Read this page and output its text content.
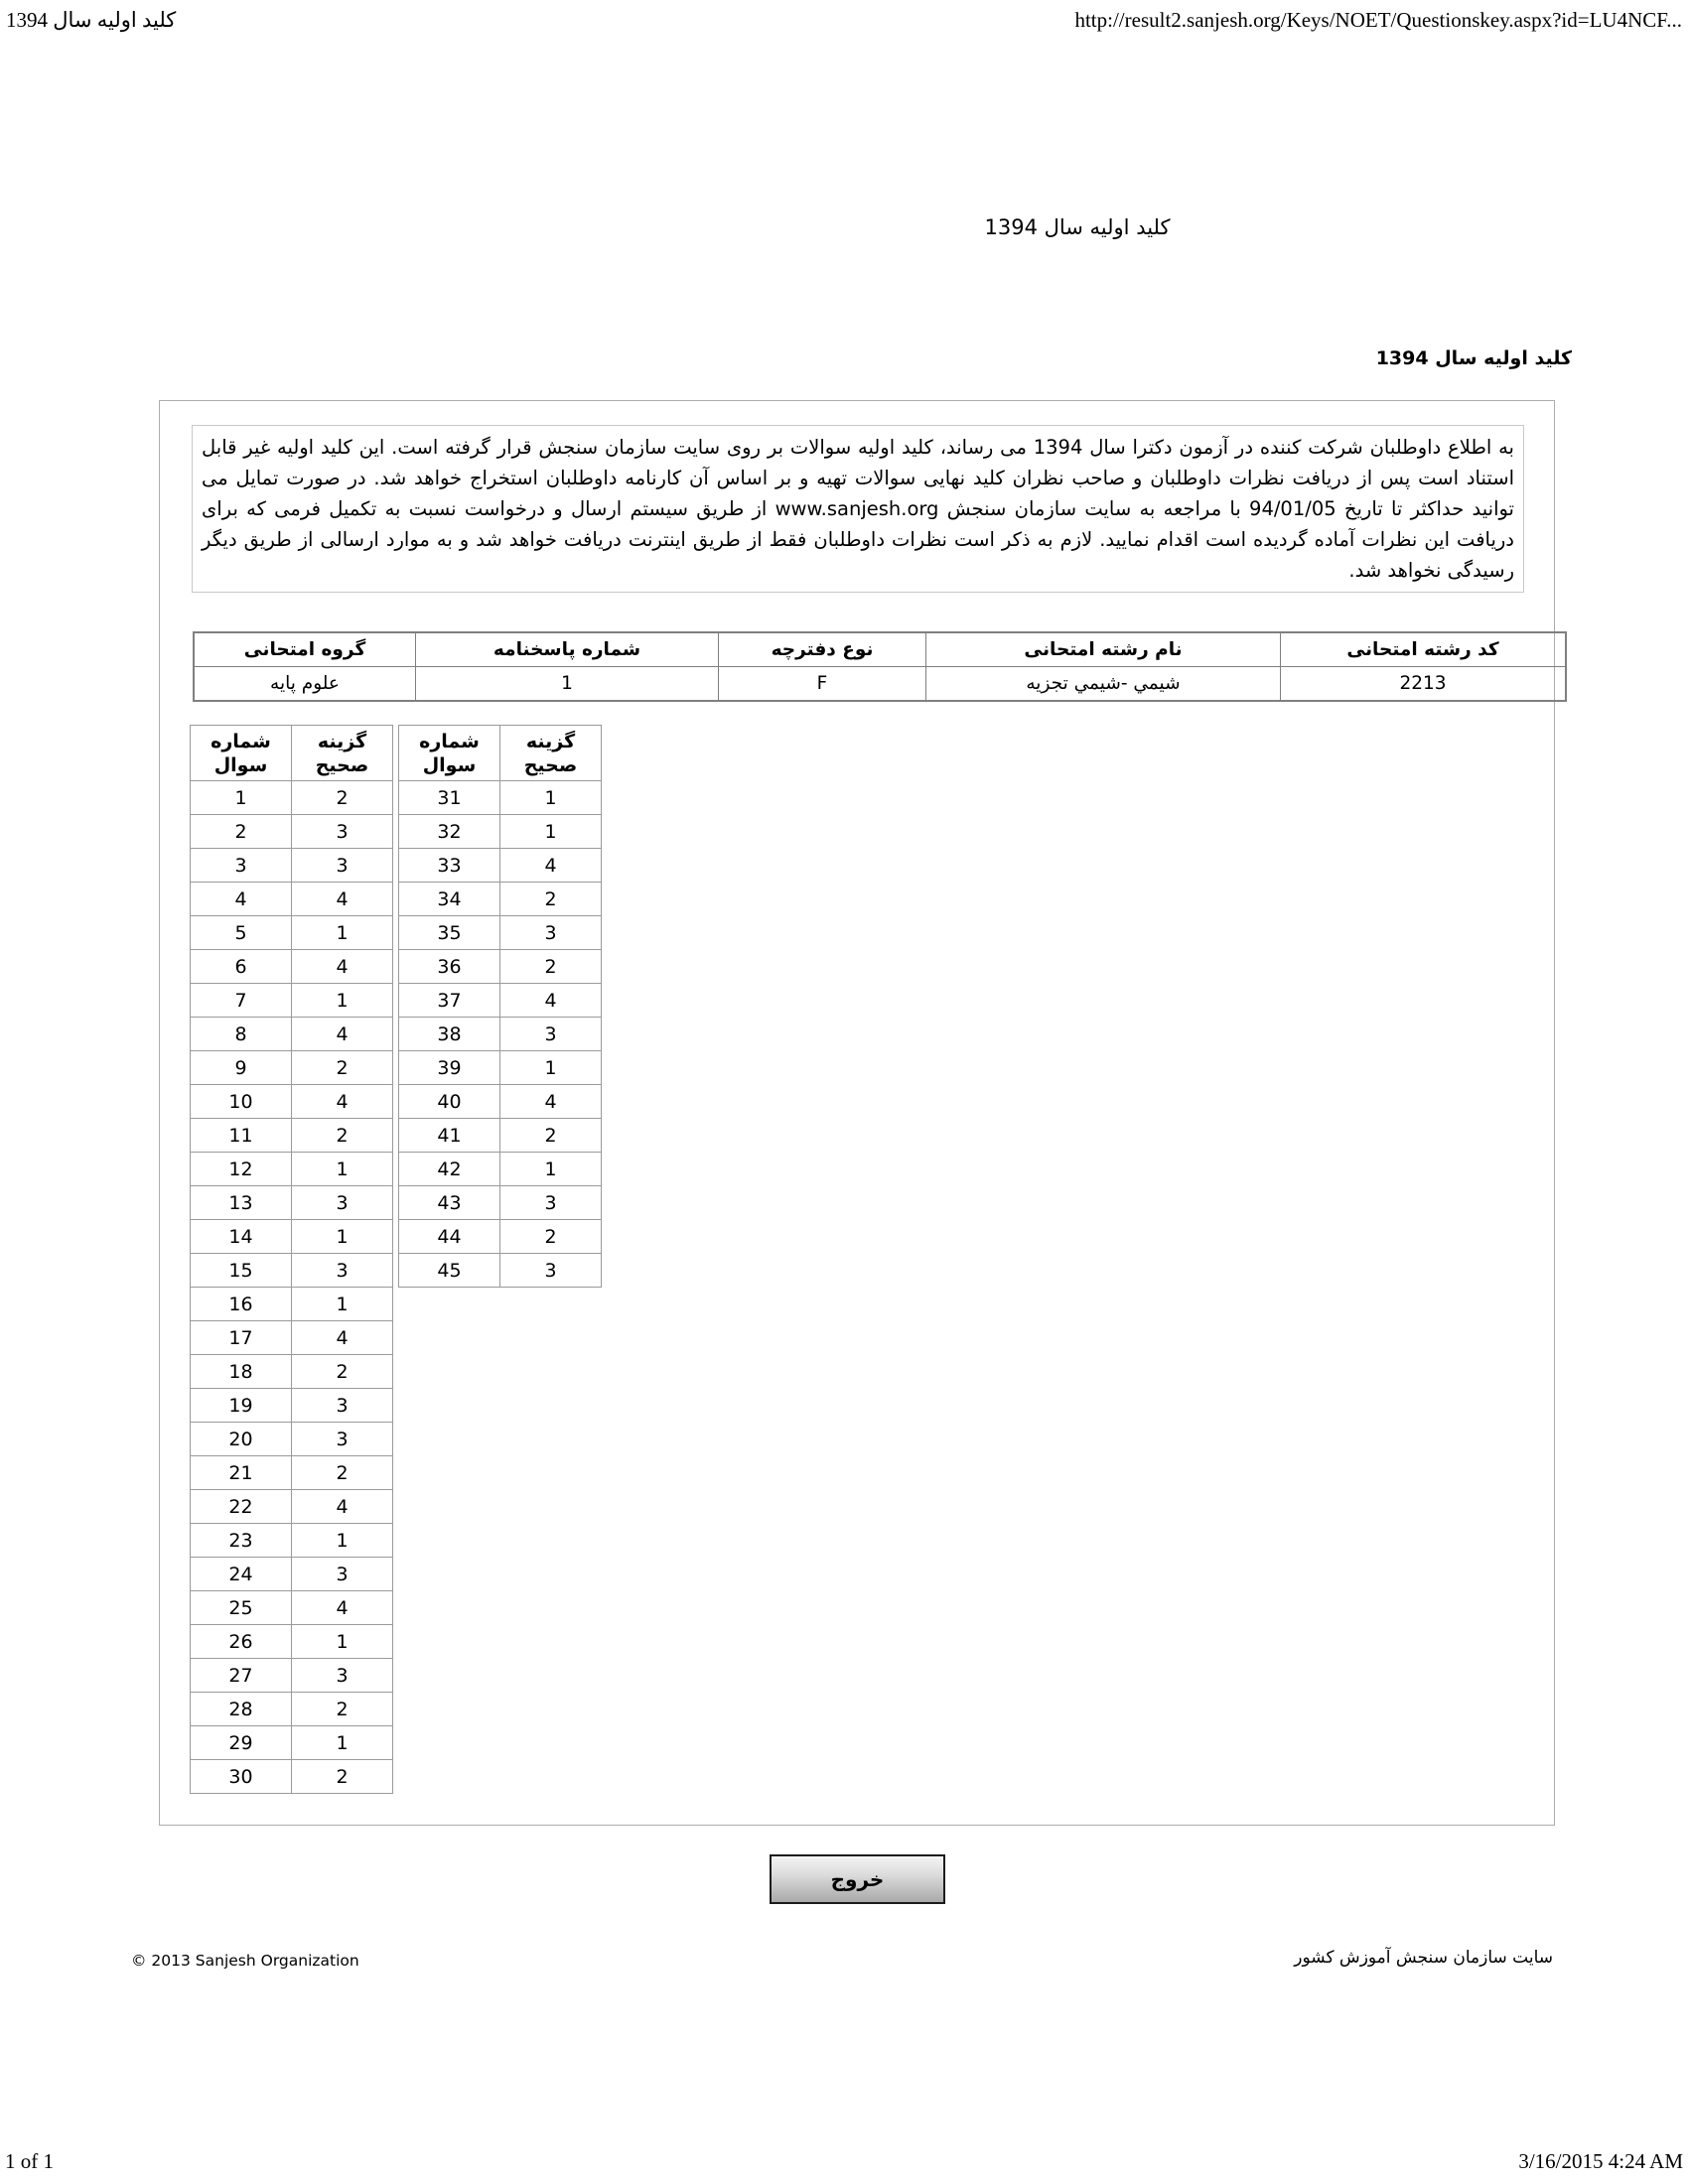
کلید اولیه سال 1394	http://result2.sanjesh.org/Keys/NOET/Questionskey.aspx?id=LU4NCF...
کلید اولیه سال 1394
کلید اولیه سال 1394
به اطلاع داوطلبان شرکت کننده در آزمون دکترا سال 1394 می رساند، کلید اولیه سوالات بر روی سایت سازمان سنجش قرار گرفته است. این کلید اولیه غیر قابل استناد است پس از دریافت نظرات داوطلبان و صاحب نظران کلید نهایی سوالات تهیه و بر اساس آن کارنامه داوطلبان استخراج خواهد شد. در صورت تمایل می توانید حداکثر تا تاریخ 94/01/05 با مراجعه به سایت سازمان سنجش www.sanjesh.org از طریق سیستم ارسال و درخواست نسبت به تکمیل فرمی که برای دریافت این نظرات آماده گردیده است اقدام نمایید. لازم به ذکر است نظرات داوطلبان فقط از طریق اینترنت دریافت خواهد شد و به موارد ارسالی از طریق دیگر رسیدگی نخواهد شد.
کد رشته امتحانی	نام رشته امتحانی	نوع دفترچه	شماره پاسخنامه	گروه امتحانی
2213	شیمي -شیمي تجزیه	F	1	علوم پایه
شماره سوال	گزینه صحیح
1	2
2	3
3	3
4	4
5	1
6	4
7	1
8	4
9	2
10	4
11	2
12	1
13	3
14	1
15	3
16	1
17	4
18	2
19	3
20	3
21	2
22	4
23	1
24	3
25	4
26	1
27	3
28	2
29	1
30	2
شماره سوال	گزینه صحیح
31	1
32	1
33	4
34	2
35	3
36	2
37	4
38	3
39	1
40	4
41	2
42	1
43	3
44	2
45	3
خروج
© 2013 Sanjesh Organization	سایت سازمان سنجش آموزش کشور
1 of 1	3/16/2015 4:24 AM
